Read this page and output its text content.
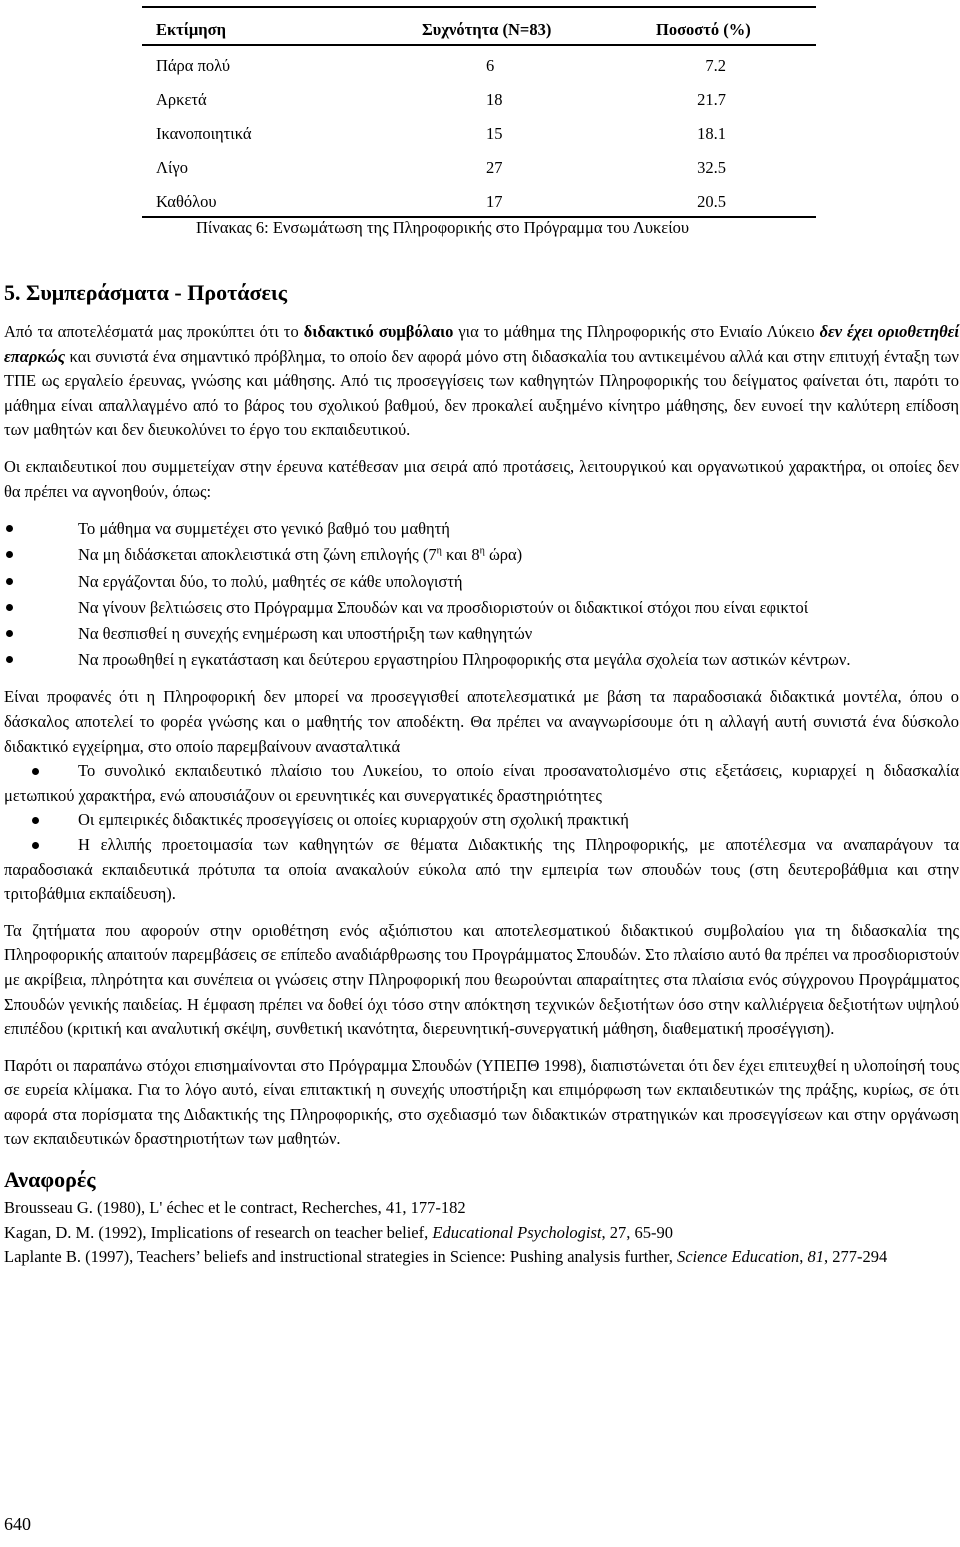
Εκτίμηση	Συχνότητα (Ν=83)	Ποσοστό (%)
Πάρα πολύ	6	7.2
Αρκετά	18	21.7
Ικανοποιητικά	15	18.1
Λίγο	27	32.5
Καθόλου	17	20.5
Πίνακας 6: Ενσωμάτωση της Πληροφορικής στο Πρόγραμμα του Λυκείου
5. Συμπεράσματα - Προτάσεις

Από τα αποτελέσματά μας προκύπτει ότι το διδακτικό συμβόλαιο για το μάθημα της Πληροφορικής στο Ενιαίο Λύκειο δεν έχει οριοθετηθεί επαρκώς και συνιστά ένα σημαντικό πρόβλημα, το οποίο δεν αφορά μόνο στη διδασκαλία του αντικειμένου αλλά και στην επιτυχή ένταξη των ΤΠΕ ως εργαλείο έρευνας, γνώσης και μάθησης. Από τις προσεγγίσεις των καθηγητών Πληροφορικής του δείγματος φαίνεται ότι, παρότι το μάθημα είναι απαλλαγμένο από το βάρος του σχολικού βαθμού, δεν προκαλεί αυξημένο κίνητρο μάθησης, δεν ευνοεί την καλύτερη επίδοση των μαθητών και δεν διευκολύνει το έργο του εκπαιδευτικού.

Οι εκπαιδευτικοί που συμμετείχαν στην έρευνα κατέθεσαν μια σειρά από προτάσεις, λειτουργικού και οργανωτικού χαρακτήρα, οι οποίες δεν θα πρέπει να αγνοηθούν, όπως:

Το μάθημα να συμμετέχει στο γενικό βαθμό του μαθητή

Να μη διδάσκεται αποκλειστικά στη ζώνη επιλογής ($7^\eta$ και $8^\eta$ ώρα)

Να εργάζονται δύο, το πολύ, μαθητές σε κάθε υπολογιστή

Να γίνουν βελτιώσεις στο Πρόγραμμα Σπουδών και να προσδιοριστούν οι διδακτικοί στόχοι που είναι εφικτοί

Να θεσπισθεί η συνεχής ενημέρωση και υποστήριξη των καθηγητών

Να προωθηθεί η εγκατάσταση και δεύτερου εργαστηρίου Πληροφορικής στα μεγάλα σχολεία των αστικών κέντρων.

Είναι προφανές ότι η Πληροφορική δεν μπορεί να προσεγγισθεί αποτελεσματικά με βάση τα παραδοσιακά διδακτικά μοντέλα, όπου ο δάσκαλος αποτελεί το φορέα γνώσης και ο μαθητής τον αποδέκτη. Θα πρέπει να αναγνωρίσουμε ότι η αλλαγή αυτή συνιστά ένα δύσκολο διδακτικό εγχείρημα, στο οποίο παρεμβαίνουν ανασταλτικά

Το συνολικό εκπαιδευτικό πλαίσιο του Λυκείου, το οποίο είναι προσανατολισμένο στις εξετάσεις, κυριαρχεί η διδασκαλία μετωπικού χαρακτήρα, ενώ απουσιάζουν οι ερευνητικές και συνεργατικές δραστηριότητες

Οι εμπειρικές διδακτικές προσεγγίσεις οι οποίες κυριαρχούν στη σχολική πρακτική

Η ελλιπής προετοιμασία των καθηγητών σε θέματα Διδακτικής της Πληροφορικής, με αποτέλεσμα να αναπαράγουν τα παραδοσιακά εκπαιδευτικά πρότυπα τα οποία ανακαλούν εύκολα από την εμπειρία των σπουδών τους (στη δευτεροβάθμια και στην τριτοβάθμια εκπαίδευση).

Τα ζητήματα που αφορούν στην οριοθέτηση ενός αξιόπιστου και αποτελεσματικού διδακτικού συμβολαίου για τη διδασκαλία της Πληροφορικής απαιτούν παρεμβάσεις σε επίπεδο αναδιάρθρωσης του Προγράμματος Σπουδών. Στο πλαίσιο αυτό θα πρέπει να προσδιοριστούν με ακρίβεια, πληρότητα και συνέπεια οι γνώσεις στην Πληροφορική που θεωρούνται απαραίτητες στα πλαίσια ενός σύγχρονου Προγράμματος Σπουδών γενικής παιδείας. Η έμφαση πρέπει να δοθεί όχι τόσο στην απόκτηση τεχνικών δεξιοτήτων όσο στην καλλιέργεια δεξιοτήτων υψηλού επιπέδου (κριτική και αναλυτική σκέψη, συνθετική ικανότητα, διερευνητική-συνεργατική μάθηση, διαθεματική προσέγγιση).

Παρότι οι παραπάνω στόχοι επισημαίνονται στο Πρόγραμμα Σπουδών (ΥΠΕΠΘ 1998), διαπιστώνεται ότι δεν έχει επιτευχθεί η υλοποίησή τους σε ευρεία κλίμακα. Για το λόγο αυτό, είναι επιτακτική η συνεχής υποστήριξη και επιμόρφωση των εκπαιδευτικών της πράξης, κυρίως, σε ότι αφορά στα πορίσματα της Διδακτικής της Πληροφορικής, στο σχεδιασμό των διδακτικών στρατηγικών και προσεγγίσεων και στην οργάνωση των εκπαιδευτικών δραστηριοτήτων των μαθητών.

Αναφορές

Brousseau G. (1980), L' échec et le contract, Recherches, 41, 177-182

Kagan, D. M. (1992), Implications of research on teacher belief, Educational Psychologist, 27, 65-90

Laplante B. (1997), Teachers’ beliefs and instructional strategies in Science: Pushing analysis further, Science Education, 81, 277-294

640
